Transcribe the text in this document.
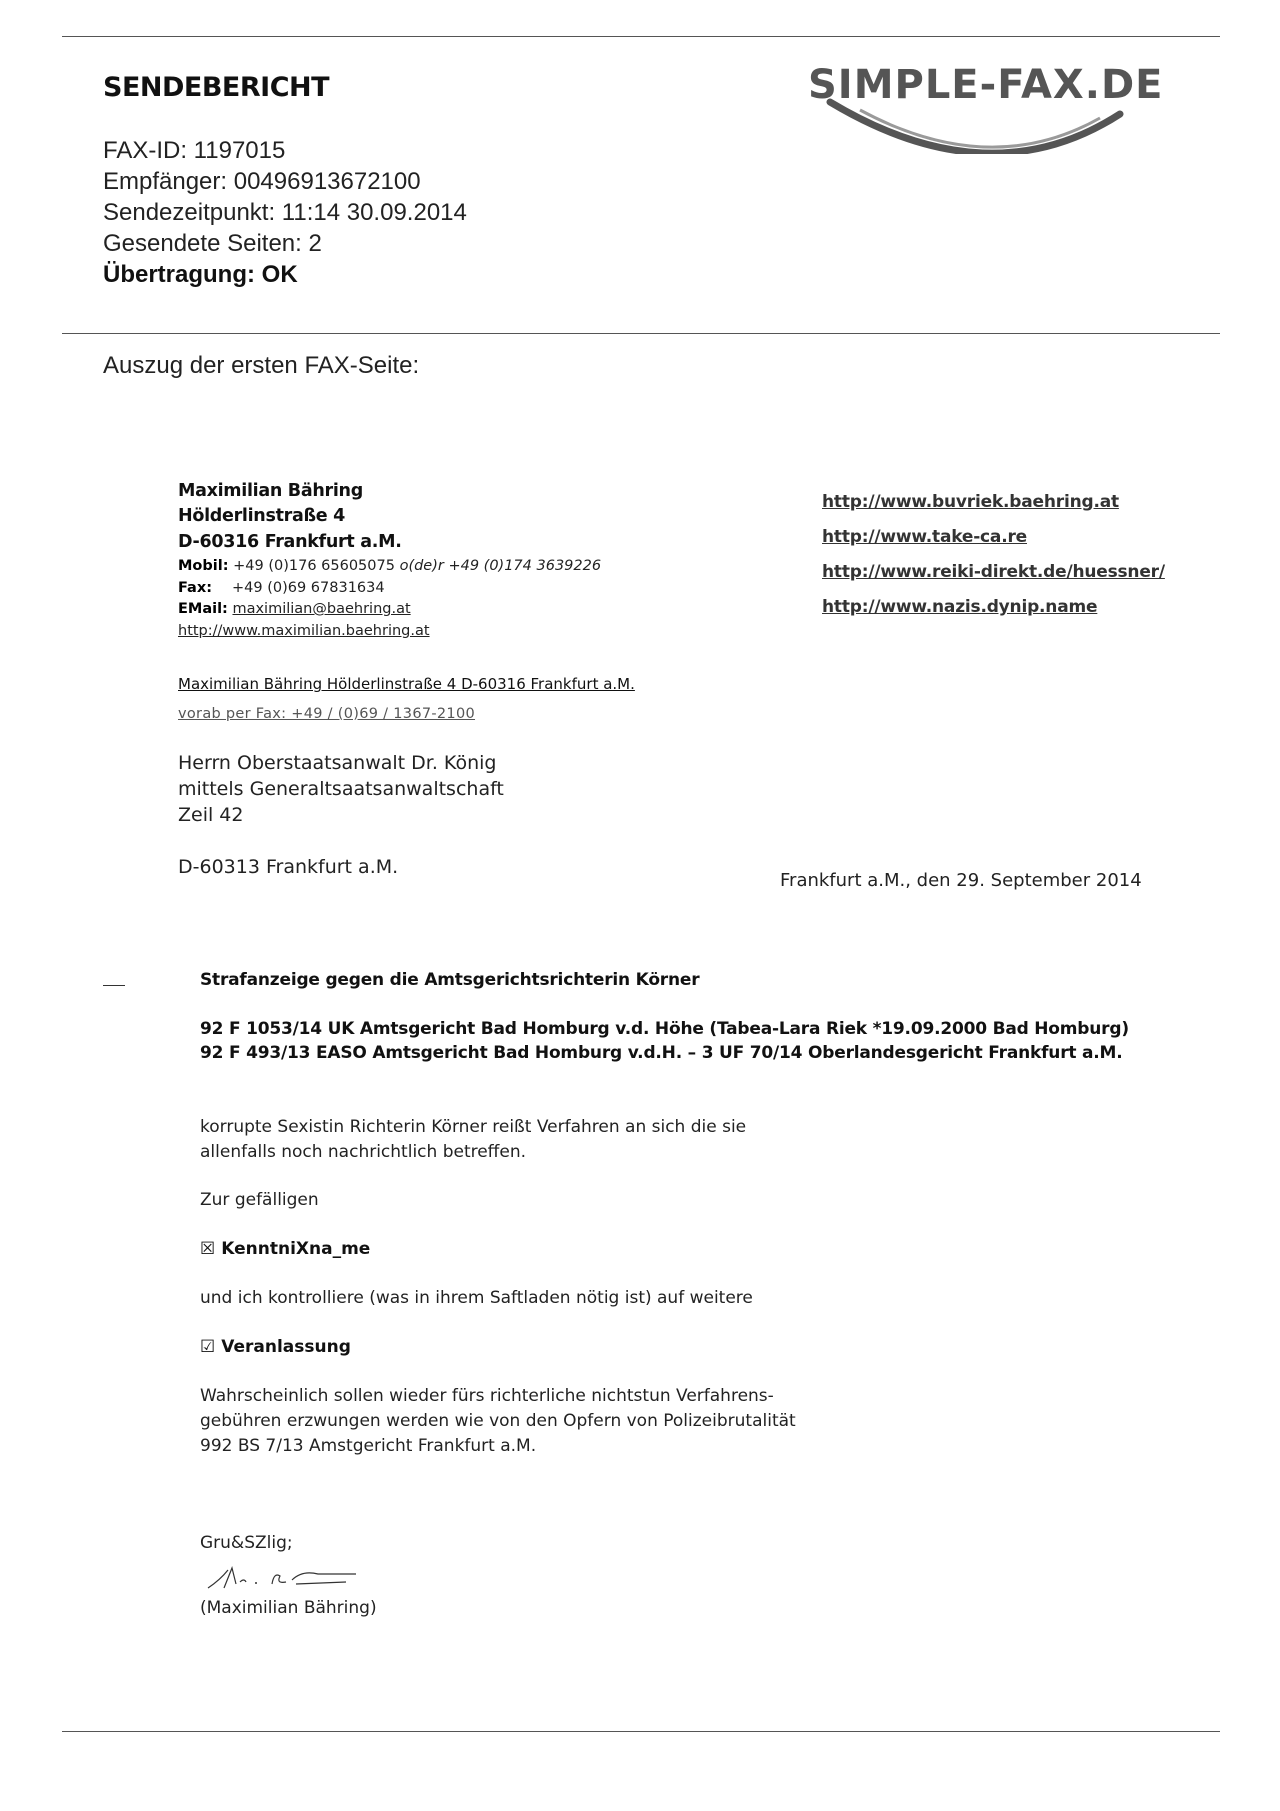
SENDEBERICHT
FAX-ID: 1197015
Empfänger: 00496913672100
Sendezeitpunkt: 11:14 30.09.2014
Gesendete Seiten: 2
Übertragung: OK
SIMPLE-FAX.DE
Auszug der ersten FAX-Seite:
Maximilian Bähring
Hölderlinstraße 4
D-60316 Frankfurt a.M.
Mobil: +49 (0)176 65605075 o(de)r +49 (0)174 3639226
Fax: +49 (0)69 67831634
EMail: maximilian@baehring.at
http://www.maximilian.baehring.at
http://www.buvriek.baehring.at
http://www.take-ca.re
http://www.reiki-direkt.de/huessner/
http://www.nazis.dynip.name
Maximilian Bähring Hölderlinstraße 4 D-60316 Frankfurt a.M.
vorab per Fax: +49 / (0)69 / 1367-2100
Herrn Oberstaatsanwalt Dr. König
mittels Generaltsaatsanwaltschaft
Zeil 42
D-60313 Frankfurt a.M.
Frankfurt a.M., den 29. September 2014
Strafanzeige gegen die Amtsgerichtsrichterin Körner
92 F 1053/14 UK Amtsgericht Bad Homburg v.d. Höhe (Tabea-Lara Riek *19.09.2000 Bad Homburg)
92 F 493/13 EASO Amtsgericht Bad Homburg v.d.H. – 3 UF 70/14 Oberlandesgericht Frankfurt a.M.
korrupte Sexistin Richterin Körner reißt Verfahren an sich die sie
allenfalls noch nachrichtlich betreffen.
Zur gefälligen
☒ KenntniXna_me
und ich kontrolliere (was in ihrem Saftladen nötig ist) auf weitere
☑ Veranlassung
Wahrscheinlich sollen wieder fürs richterliche nichtstun Verfahrens-
gebühren erzwungen werden wie von den Opfern von Polizeibrutalität
992 BS 7/13 Amstgericht Frankfurt a.M.
Gru&SZlig;
(Maximilian Bähring)
